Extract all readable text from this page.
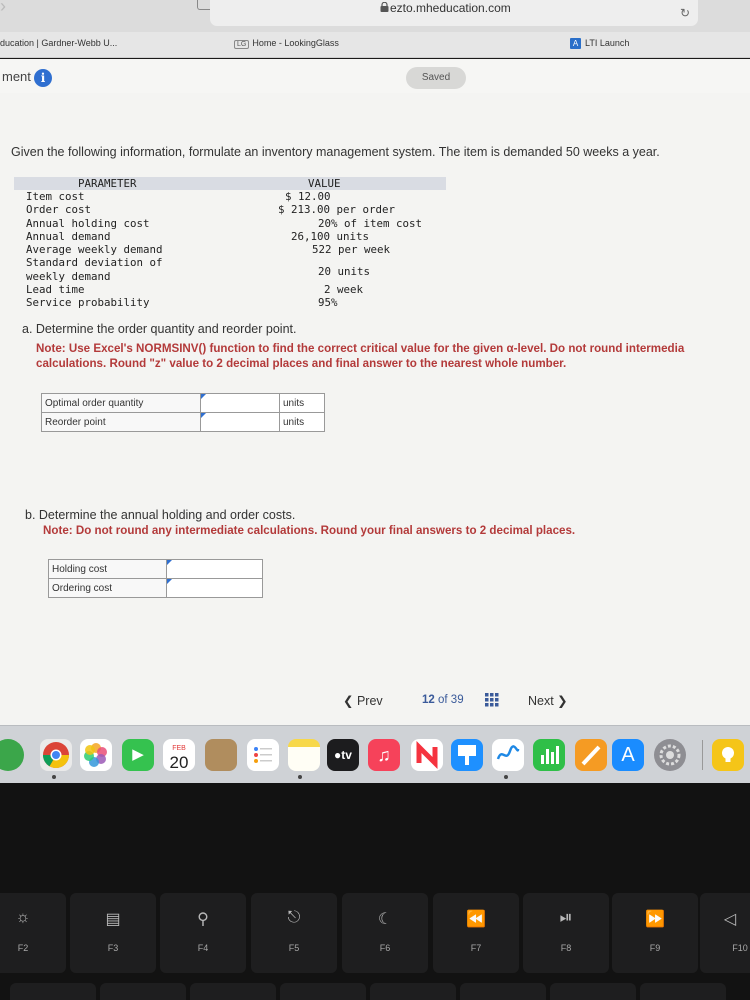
›	ezto.mheducation.com	↻
ducation | Gardner-Webb U...	LG Home - LookingGlass	A LTI Launch
ment i	Saved
Given the following information, formulate an inventory management system. The item is demanded 50 weeks a year.
PARAMETER	VALUE
Item cost	$ 12.00
Order cost	$ 213.00 per order
Annual holding cost	20% of item cost
Annual demand	26,100 units
Average weekly demand	522 per week
Standard deviation of
weekly demand	20 units
Lead time	2 week
Service probability	95%
a. Determine the order quantity and reorder point.
Note: Use Excel's NORMSINV() function to find the correct critical value for the given α-level. Do not round intermedia
calculations. Round "z" value to 2 decimal places and final answer to the nearest whole number.
Optimal order quantity		units
Reorder point		units
b. Determine the annual holding and order costs.
Note: Do not round any intermediate calculations. Round your final answers to 2 decimal places.
Holding cost	

Ordering cost	
❮ Prev	12 of 39	Next ❯
▶	FEB
20	●tv	♫	A
☼
F2
▤
F3
⚲
F4
⎋
F5
☾
F6
⏪
F7
⏯
F8
⏩
F9
◁
F10
